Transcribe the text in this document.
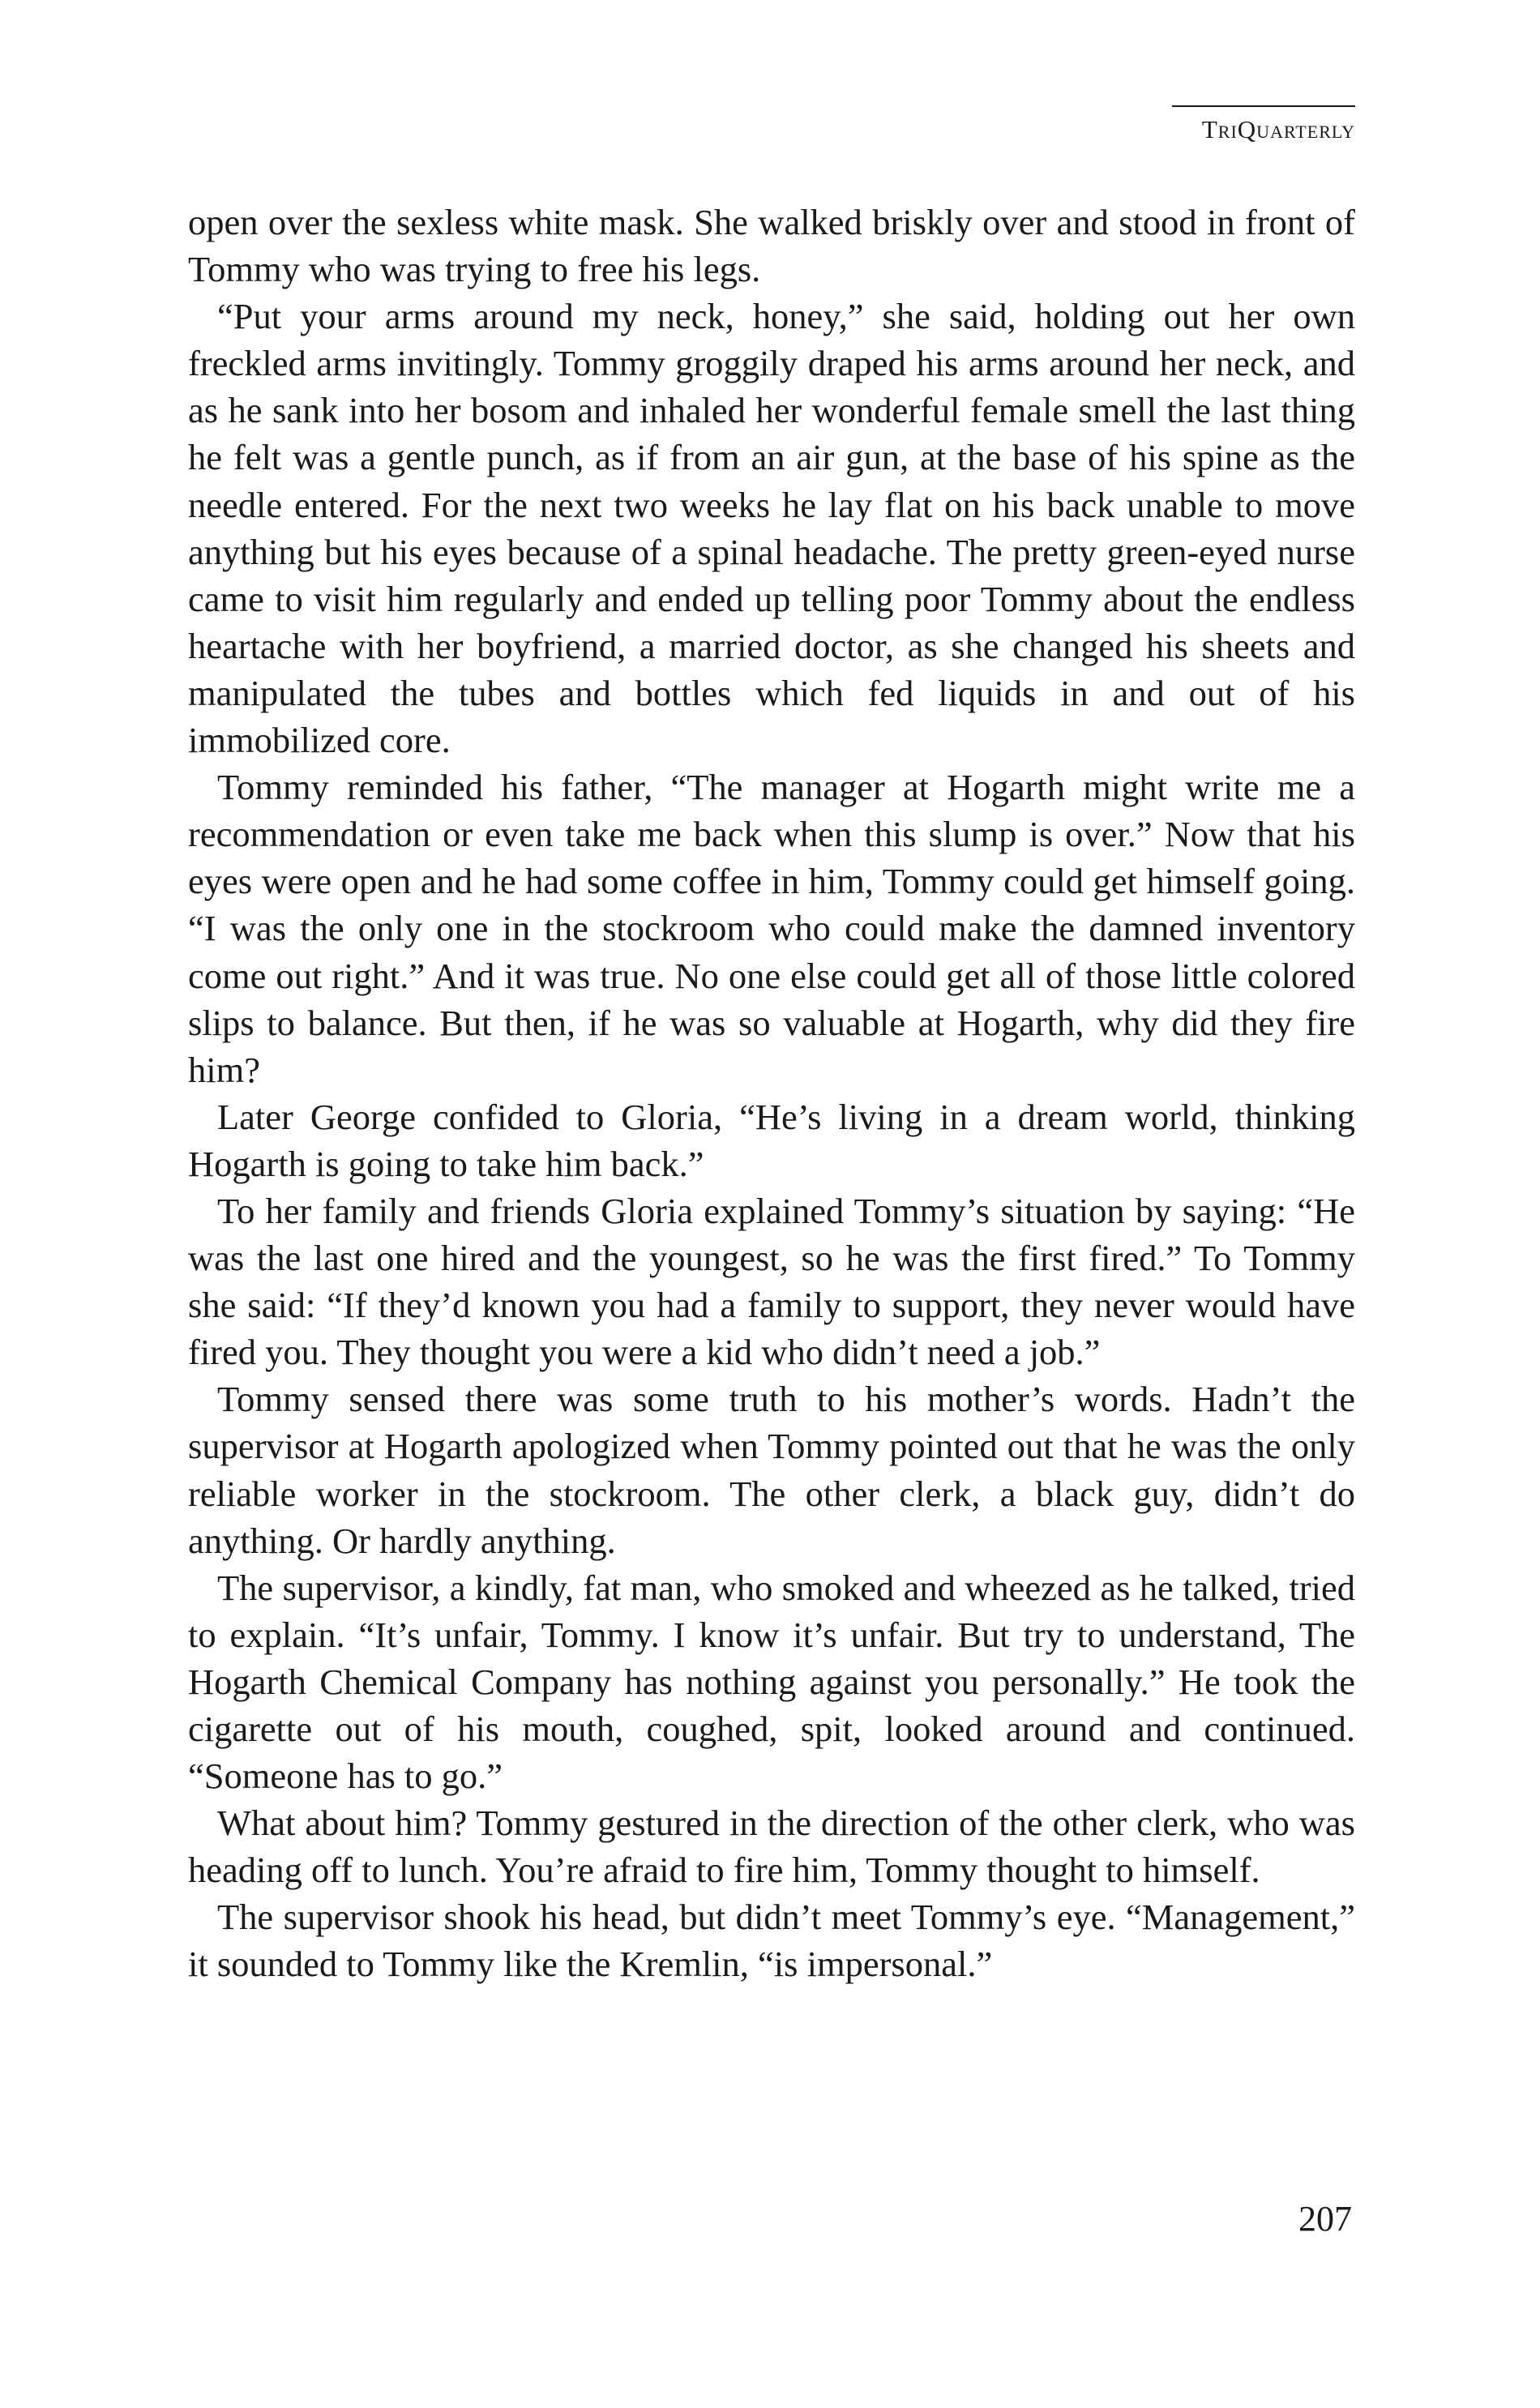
TriQuarterly

open over the sexless white mask. She walked briskly over and stood in front of Tommy who was trying to free his legs.

“Put your arms around my neck, honey,” she said, holding out her own freckled arms invitingly. Tommy groggily draped his arms around her neck, and as he sank into her bosom and inhaled her wonderful female smell the last thing he felt was a gentle punch, as if from an air gun, at the base of his spine as the needle entered. For the next two weeks he lay flat on his back unable to move anything but his eyes because of a spinal headache. The pretty green-eyed nurse came to visit him regularly and ended up telling poor Tommy about the endless heartache with her boyfriend, a married doctor, as she changed his sheets and manipulated the tubes and bottles which fed liquids in and out of his immobilized core.

Tommy reminded his father, “The manager at Hogarth might write me a recommendation or even take me back when this slump is over.” Now that his eyes were open and he had some coffee in him, Tommy could get himself going. “I was the only one in the stockroom who could make the damned inventory come out right.” And it was true. No one else could get all of those little colored slips to balance. But then, if he was so valuable at Hogarth, why did they fire him?

Later George confided to Gloria, “He’s living in a dream world, thinking Hogarth is going to take him back.”

To her family and friends Gloria explained Tommy’s situation by saying: “He was the last one hired and the youngest, so he was the first fired.” To Tommy she said: “If they’d known you had a family to support, they never would have fired you. They thought you were a kid who didn’t need a job.”

Tommy sensed there was some truth to his mother’s words. Hadn’t the supervisor at Hogarth apologized when Tommy pointed out that he was the only reliable worker in the stockroom. The other clerk, a black guy, didn’t do anything. Or hardly anything.

The supervisor, a kindly, fat man, who smoked and wheezed as he talked, tried to explain. “It’s unfair, Tommy. I know it’s unfair. But try to understand, The Hogarth Chemical Company has nothing against you personally.” He took the cigarette out of his mouth, coughed, spit, looked around and continued. “Someone has to go.”

What about him? Tommy gestured in the direction of the other clerk, who was heading off to lunch. You’re afraid to fire him, Tommy thought to himself.

The supervisor shook his head, but didn’t meet Tommy’s eye. “Management,” it sounded to Tommy like the Kremlin, “is impersonal.”

207
